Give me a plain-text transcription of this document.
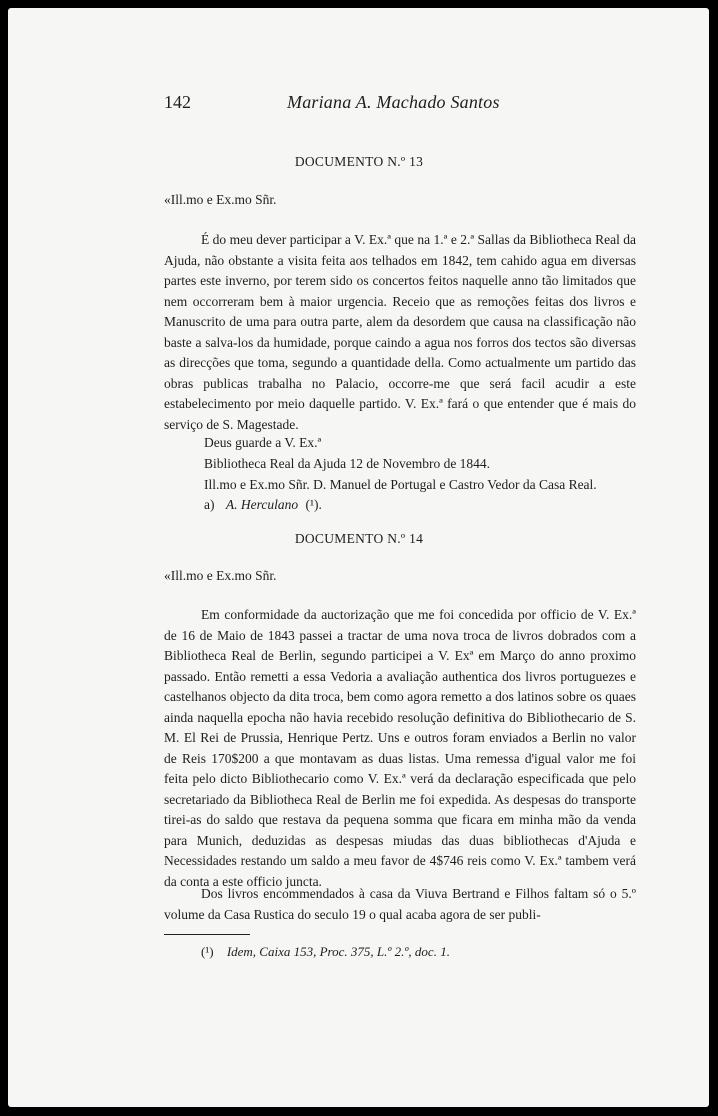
142	Mariana A. Machado Santos
DOCUMENTO N.º 13
«Ill.mo e Ex.mo Sñr.
É do meu dever participar a V. Ex.ª que na 1.ª e 2.ª Sallas da Bibliotheca Real da Ajuda, não obstante a visita feita aos telhados em 1842, tem cahido agua em diversas partes este inverno, por terem sido os concertos feitos naquelle anno tão limitados que nem occorreram bem à maior urgencia. Receio que as remoções feitas dos livros e Manuscrito de uma para outra parte, alem da desordem que causa na classificação não baste a salva-los da humidade, porque caindo a agua nos forros dos tectos são diversas as direcções que toma, segundo a quantidade della. Como actualmente um partido das obras publicas trabalha no Palacio, occorre-me que será facil acudir a este estabelecimento por meio daquelle partido. V. Ex.ª fará o que entender que é mais do serviço de S. Magestade.
Deus guarde a V. Ex.ª
Bibliotheca Real da Ajuda 12 de Novembro de 1844.
Ill.mo e Ex.mo Sñr. D. Manuel de Portugal e Castro Vedor da Casa Real.
a) A. Herculano (¹).
DOCUMENTO N.º 14
«Ill.mo e Ex.mo Sñr.
Em conformidade da auctorização que me foi concedida por officio de V. Ex.ª de 16 de Maio de 1843 passei a tractar de uma nova troca de livros dobrados com a Bibliotheca Real de Berlin, segundo participei a V. Exª em Março do anno proximo passado. Então remetti a essa Vedoria a avaliação authentica dos livros portuguezes e castelhanos objecto da dita troca, bem como agora remetto a dos latinos sobre os quaes ainda naquella epocha não havia recebido resolução definitiva do Bibliothecario de S. M. El Rei de Prussia, Henrique Pertz. Uns e outros foram enviados a Berlin no valor de Reis 170$200 a que montavam as duas listas. Uma remessa d'igual valor me foi feita pelo dicto Bibliothecario como V. Ex.ª verá da declaração especificada que pelo secretariado da Bibliotheca Real de Berlin me foi expedida. As despesas do transporte tirei-as do saldo que restava da pequena somma que ficara em minha mão da venda para Munich, deduzidas as despesas miudas das duas bibliothecas d'Ajuda e Necessidades restando um saldo a meu favor de 4$746 reis como V. Ex.ª tambem verá da conta a este officio juncta.
Dos livros encommendados à casa da Viuva Bertrand e Filhos faltam só o 5.º volume da Casa Rustica do seculo 19 o qual acaba agora de ser publi-
(¹) Idem, Caixa 153, Proc. 375, L.º 2.º, doc. 1.
